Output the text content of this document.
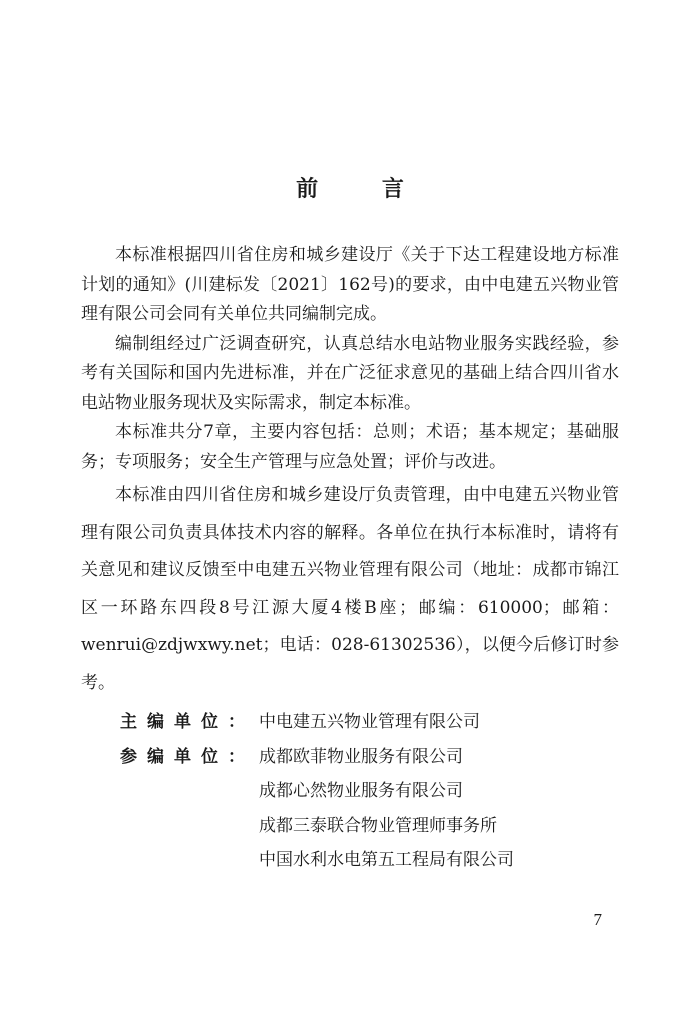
前 言

本标准根据四川省住房和城乡建设厅《关于下达工程建设地方标准计划的通知》(川建标发〔2021〕162号)的要求，由中电建五兴物业管理有限公司会同有关单位共同编制完成。

编制组经过广泛调查研究，认真总结水电站物业服务实践经验，参考有关国际和国内先进标准，并在广泛征求意见的基础上结合四川省水电站物业服务现状及实际需求，制定本标准。

本标准共分7章，主要内容包括：总则；术语；基本规定；基础服务；专项服务；安全生产管理与应急处置；评价与改进。

本标准由四川省住房和城乡建设厅负责管理，由中电建五兴物业管理有限公司负责具体技术内容的解释。各单位在执行本标准时，请将有关意见和建议反馈至中电建五兴物业管理有限公司（地址：成都市锦江区一环路东四段8号江源大厦4楼B座；邮编：610000；邮箱：wenrui@zdjwxwy.net；电话：028-61302536），以便今后修订时参考。

主编单位： 中电建五兴物业管理有限公司
参编单位： 成都欧菲物业服务有限公司
成都心然物业服务有限公司
成都三泰联合物业管理师事务所
中国水利水电第五工程局有限公司
7
